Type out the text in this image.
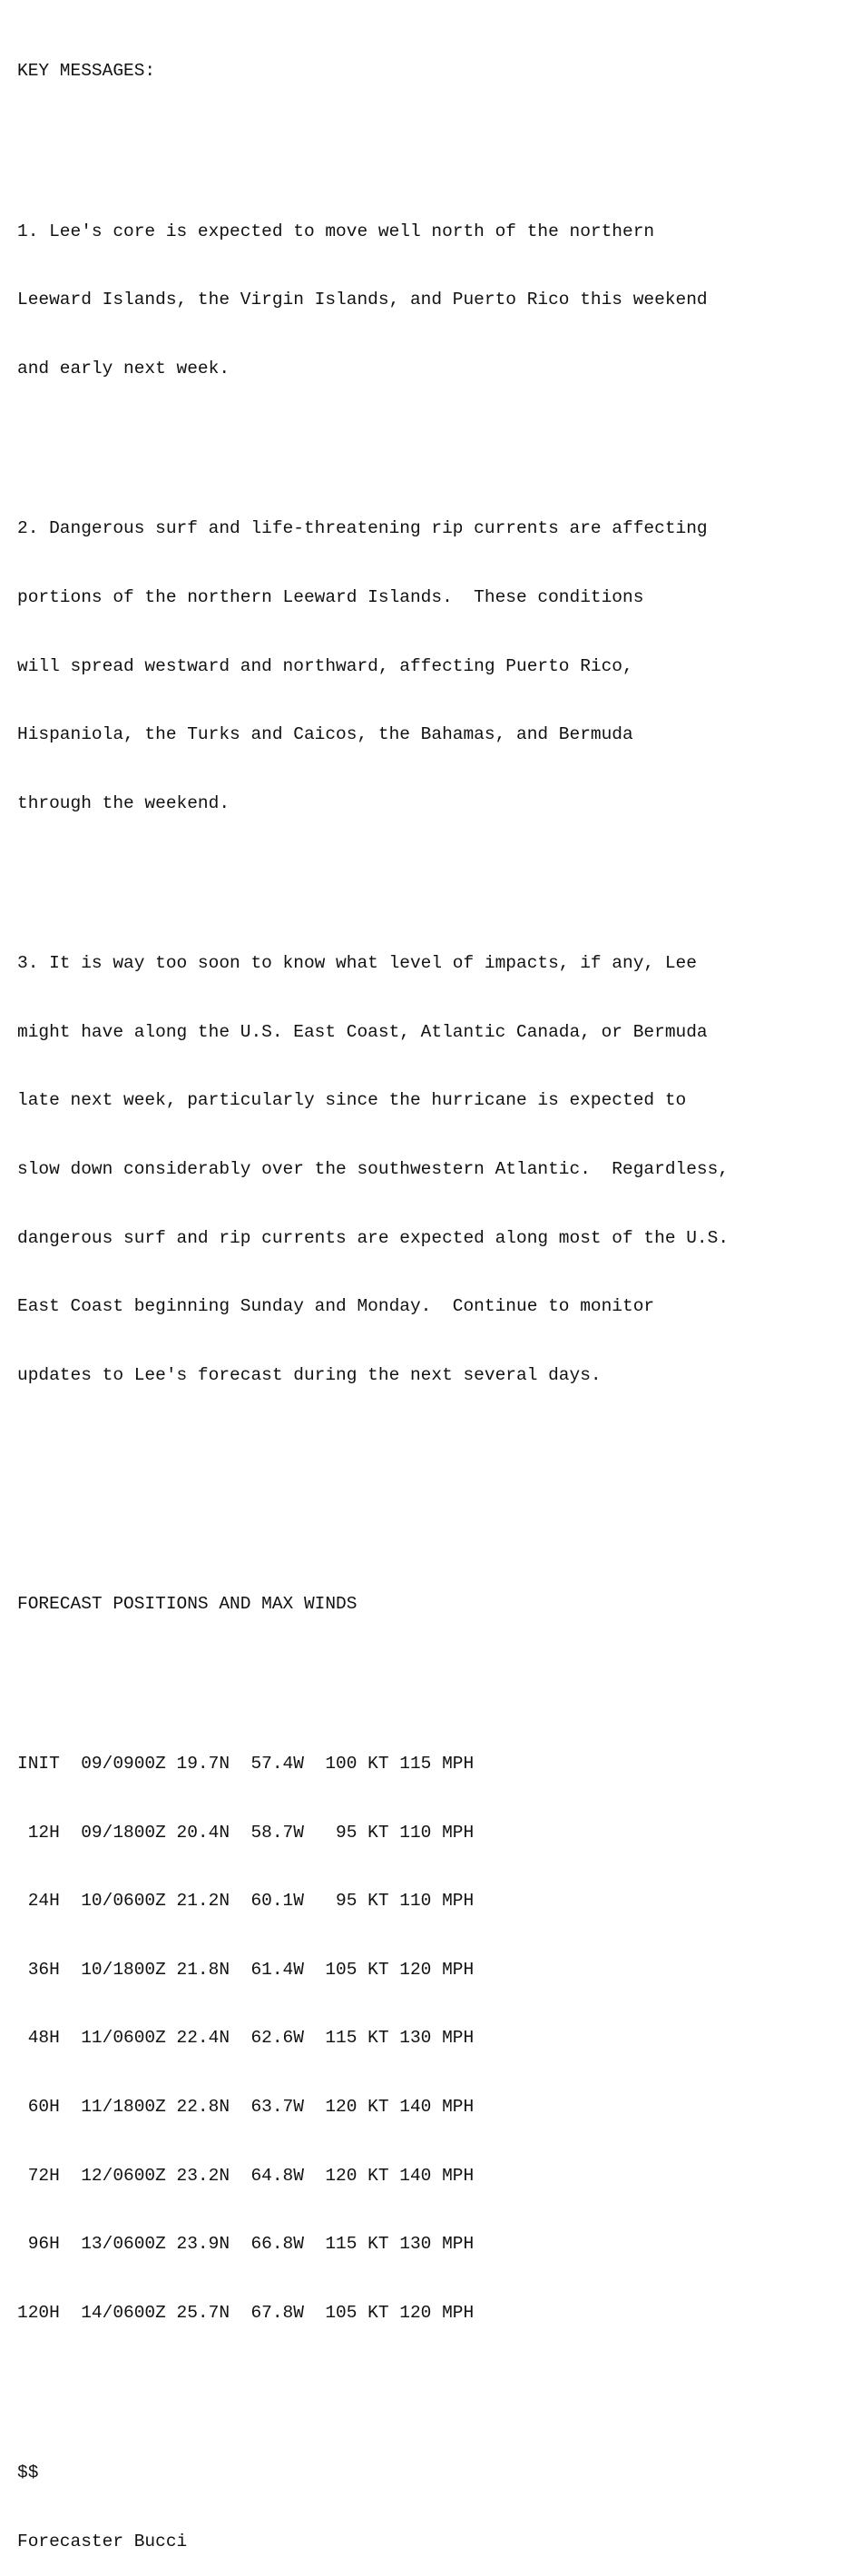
KEY MESSAGES:

1. Lee's core is expected to move well north of the northern

Leeward Islands, the Virgin Islands, and Puerto Rico this weekend

and early next week.

2. Dangerous surf and life-threatening rip currents are affecting

portions of the northern Leeward Islands.  These conditions

will spread westward and northward, affecting Puerto Rico,

Hispaniola, the Turks and Caicos, the Bahamas, and Bermuda

through the weekend.

3. It is way too soon to know what level of impacts, if any, Lee

might have along the U.S. East Coast, Atlantic Canada, or Bermuda

late next week, particularly since the hurricane is expected to

slow down considerably over the southwestern Atlantic.  Regardless,

dangerous surf and rip currents are expected along most of the U.S.

East Coast beginning Sunday and Monday.  Continue to monitor

updates to Lee's forecast during the next several days.

FORECAST POSITIONS AND MAX WINDS

INIT  09/0900Z 19.7N  57.4W  100 KT 115 MPH

12H  09/1800Z 20.4N  58.7W   95 KT 110 MPH

24H  10/0600Z 21.2N  60.1W   95 KT 110 MPH

36H  10/1800Z 21.8N  61.4W  105 KT 120 MPH

48H  11/0600Z 22.4N  62.6W  115 KT 130 MPH

60H  11/1800Z 22.8N  63.7W  120 KT 140 MPH

72H  12/0600Z 23.2N  64.8W  120 KT 140 MPH

96H  13/0600Z 23.9N  66.8W  115 KT 130 MPH

120H  14/0600Z 25.7N  67.8W  105 KT 120 MPH

$$

Forecaster Bucci
